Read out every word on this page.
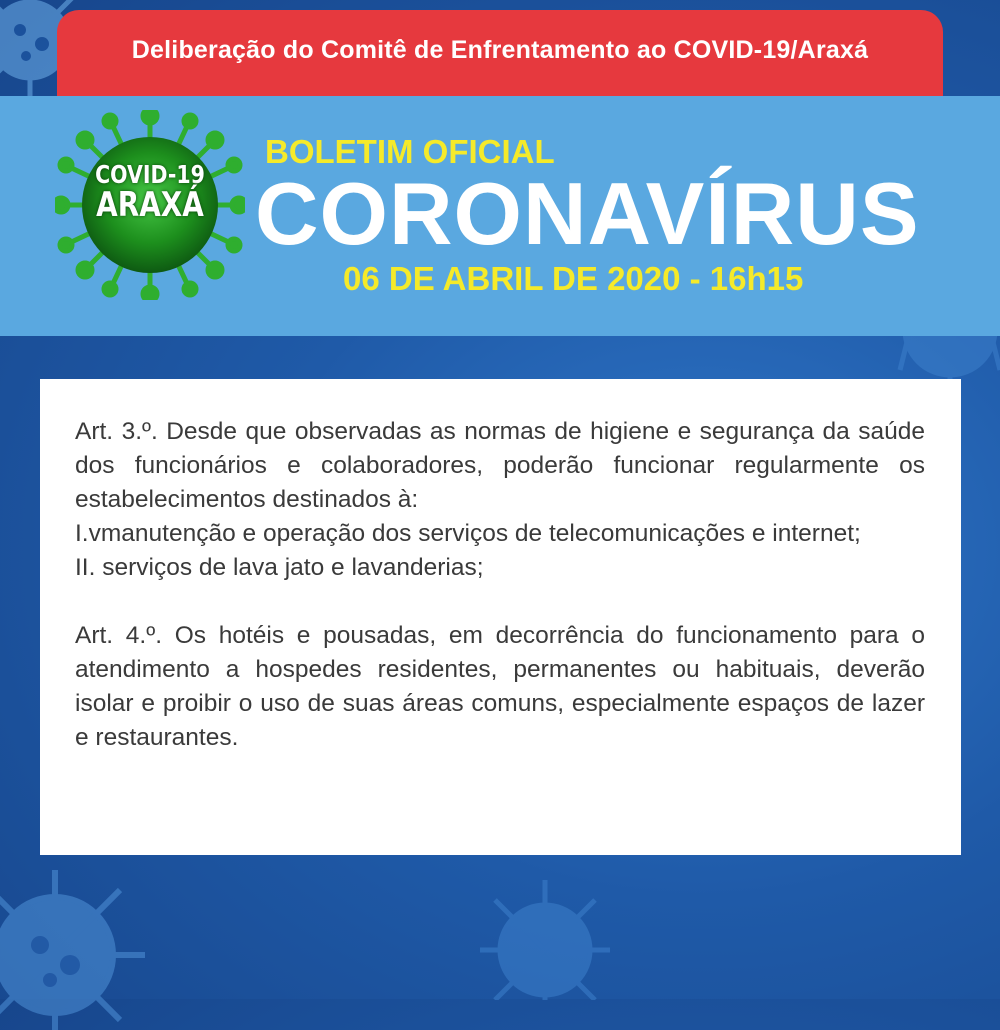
Deliberação do Comitê de Enfrentamento ao COVID-19/Araxá
COVID-19
ARAXÁ
BOLETIM OFICIAL
CORONAVÍRUS
06 DE ABRIL DE 2020 - 16h15

Art. 3.º. Desde que observadas as normas de higiene e segurança da saúde dos funcionários e colaboradores, poderão funcionar regularmente os estabelecimentos destinados à:

I.vmanutenção e operação dos serviços de telecomunicações e internet;
II. serviços de lava jato e lavanderias;

Art. 4.º. Os hotéis e pousadas, em decorrência do funcionamento para o atendimento a hospedes residentes, permanentes ou habituais, deverão isolar e proibir o uso de suas áreas comuns, especialmente espaços de lazer e restaurantes.
